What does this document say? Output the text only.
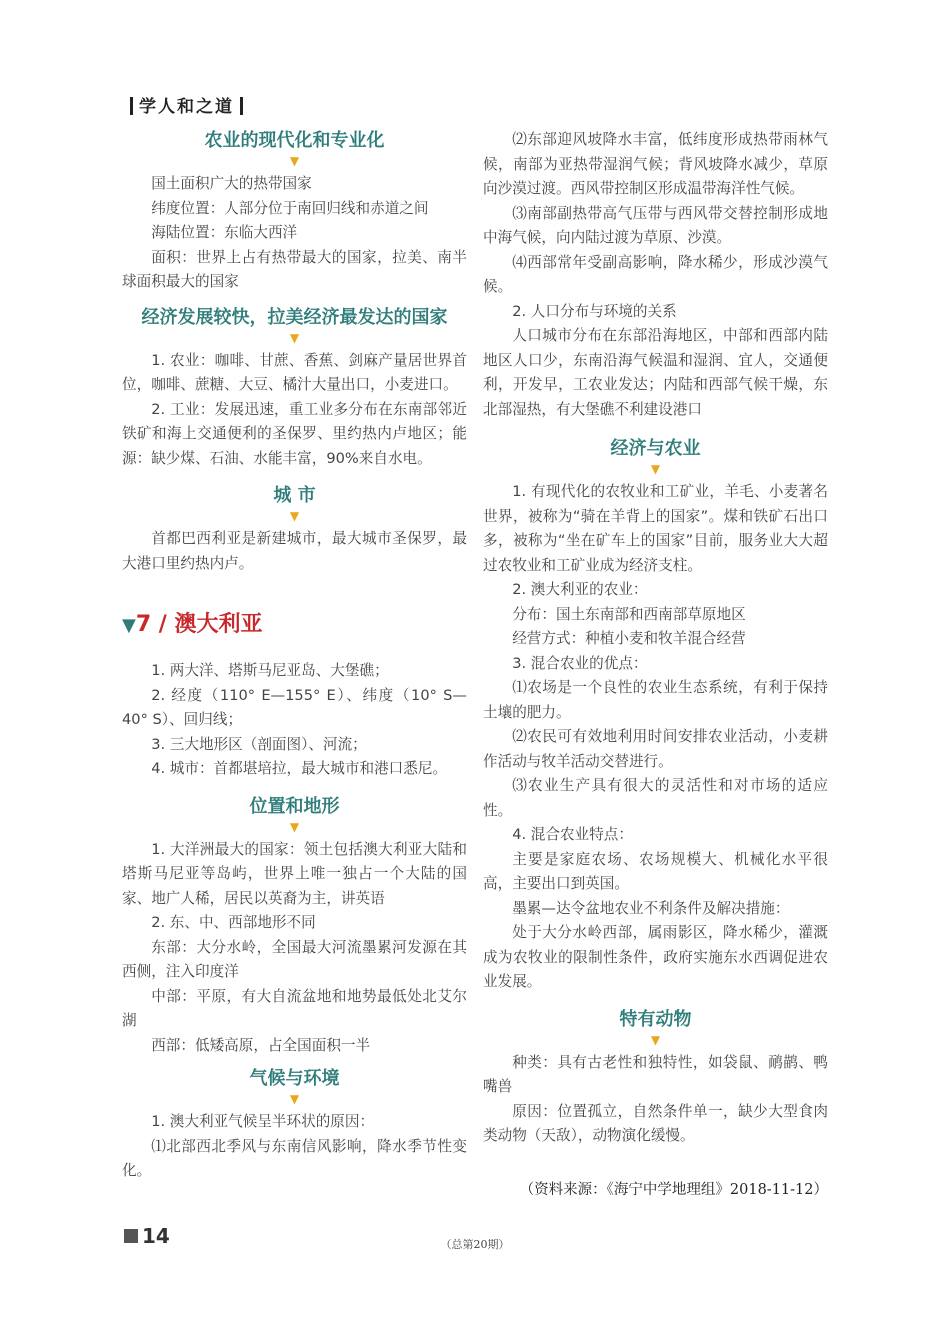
学人和之道
农业的现代化和专业化
▼

国土面积广大的热带国家

纬度位置：人部分位于南回归线和赤道之间

海陆位置：东临大西洋

面积：世界上占有热带最大的国家，拉美、南半球面积最大的国家

经济发展较快，拉美经济最发达的国家
▼

1. 农业：咖啡、甘蔗、香蕉、剑麻产量居世界首位，咖啡、蔗糖、大豆、橘汁大量出口，小麦进口。

2. 工业：发展迅速，重工业多分布在东南部邻近铁矿和海上交通便利的圣保罗、里约热内卢地区；能源：缺少煤、石油、水能丰富，90%来自水电。

城 市
▼

首都巴西利亚是新建城市，最大城市圣保罗，最大港口里约热内卢。

▼7 / 澳大利亚

1. 两大洋、塔斯马尼亚岛、大堡礁；

2. 经度（110° E—155° E）、纬度（10° S—40° S）、回归线；

3. 三大地形区（剖面图）、河流；

4. 城市：首都堪培拉，最大城市和港口悉尼。

位置和地形
▼

1. 大洋洲最大的国家：领土包括澳大利亚大陆和塔斯马尼亚等岛屿，世界上唯一独占一个大陆的国家、地广人稀，居民以英裔为主，讲英语

2. 东、中、西部地形不同

东部：大分水岭，全国最大河流墨累河发源在其西侧，注入印度洋

中部：平原，有大自流盆地和地势最低处北艾尔湖

西部：低矮高原，占全国面积一半

气候与环境
▼

1. 澳大利亚气候呈半环状的原因：

⑴北部西北季风与东南信风影响，降水季节性变化。

⑵东部迎风坡降水丰富，低纬度形成热带雨林气候，南部为亚热带湿润气候；背风坡降水减少，草原向沙漠过渡。西风带控制区形成温带海洋性气候。

⑶南部副热带高气压带与西风带交替控制形成地中海气候，向内陆过渡为草原、沙漠。

⑷西部常年受副高影响，降水稀少，形成沙漠气候。

2. 人口分布与环境的关系

人口城市分布在东部沿海地区，中部和西部内陆地区人口少，东南沿海气候温和湿润、宜人，交通便利，开发早，工农业发达；内陆和西部气候干燥，东北部湿热，有大堡礁不利建设港口

经济与农业
▼

1. 有现代化的农牧业和工矿业，羊毛、小麦著名世界，被称为“骑在羊背上的国家”。煤和铁矿石出口多，被称为“坐在矿车上的国家”目前，服务业大大超过农牧业和工矿业成为经济支柱。

2. 澳大利亚的农业：

分布：国土东南部和西南部草原地区

经营方式：种植小麦和牧羊混合经营

3. 混合农业的优点：

⑴农场是一个良性的农业生态系统，有利于保持土壤的肥力。

⑵农民可有效地利用时间安排农业活动，小麦耕作活动与牧羊活动交替进行。

⑶农业生产具有很大的灵活性和对市场的适应性。

4. 混合农业特点：

主要是家庭农场、农场规模大、机械化水平很高，主要出口到英国。

墨累—达令盆地农业不利条件及解决措施：

处于大分水岭西部，属雨影区，降水稀少，灌溉成为农牧业的限制性条件，政府实施东水西调促进农业发展。

特有动物
▼

种类：具有古老性和独特性，如袋鼠、鸸鹋、鸭嘴兽

原因：位置孤立，自然条件单一，缺少大型食肉类动物（天敌），动物演化缓慢。

（资料来源：《海宁中学地理组》2018-11-12）
14	（总第20期）
